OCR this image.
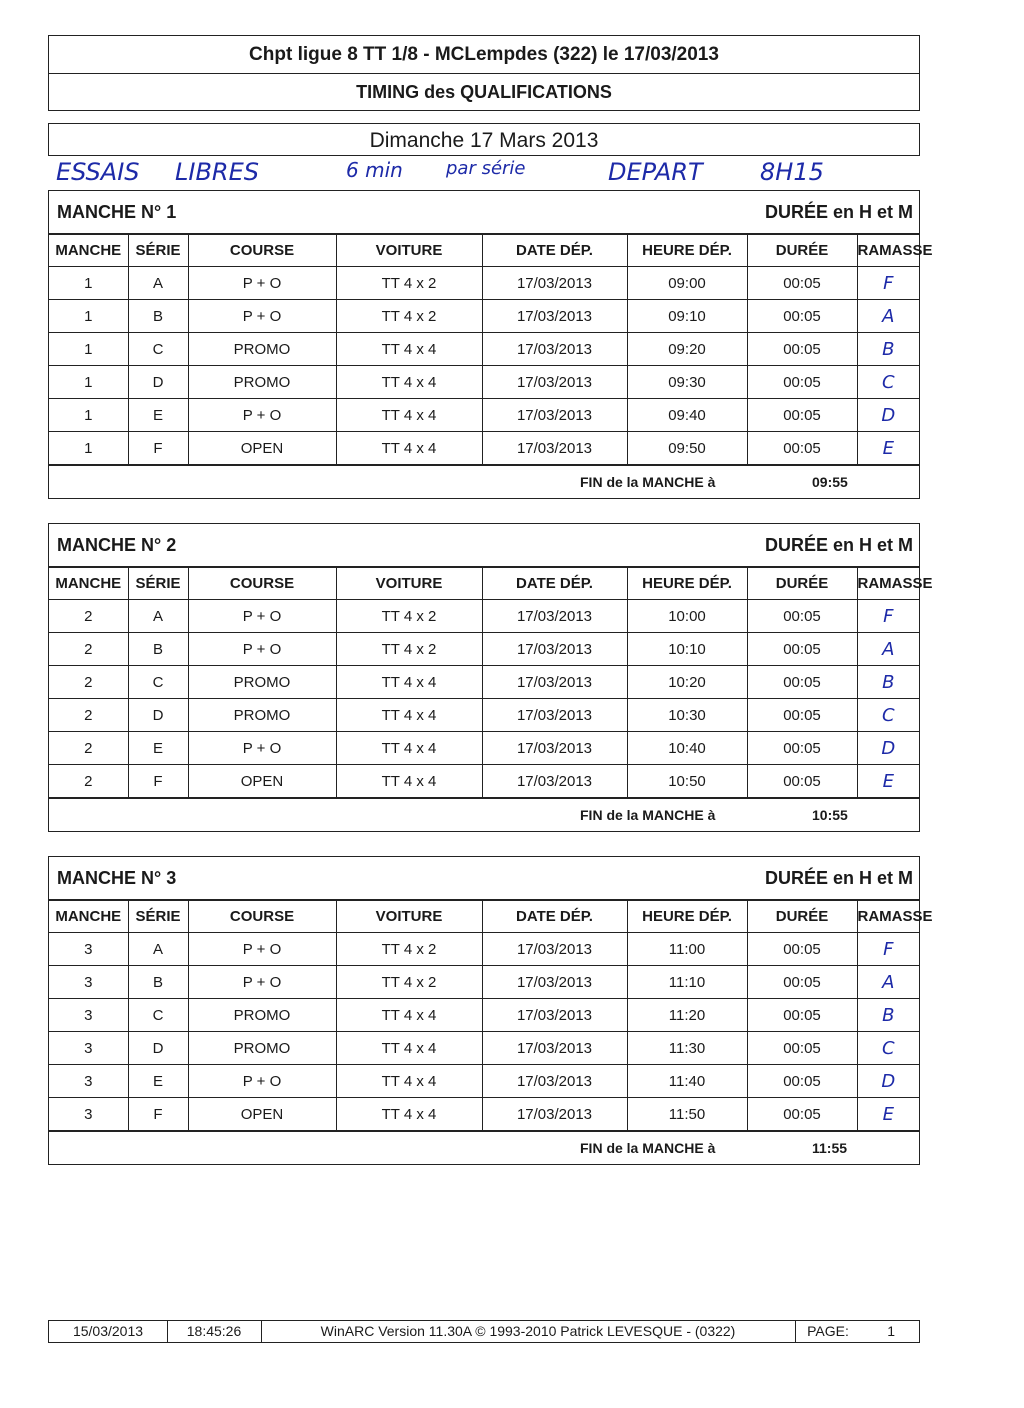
Chpt ligue 8 TT 1/8 - MCLempdes (322) le 17/03/2013
TIMING des QUALIFICATIONS
Dimanche 17 Mars 2013
ESSAIS LIBRES	6 min par série	DEPART 8H15
MANCHE N° 1	DURÉE en H et M
MANCHE	SÉRIE	COURSE	VOITURE	DATE DÉP.	HEURE DÉP.	DURÉE	RAMASSE
1	A	P + O	TT 4 x 2	17/03/2013	09:00	00:05	F
1	B	P + O	TT 4 x 2	17/03/2013	09:10	00:05	A
1	C	PROMO	TT 4 x 4	17/03/2013	09:20	00:05	B
1	D	PROMO	TT 4 x 4	17/03/2013	09:30	00:05	C
1	E	P + O	TT 4 x 4	17/03/2013	09:40	00:05	D
1	F	OPEN	TT 4 x 4	17/03/2013	09:50	00:05	E
FIN de la MANCHE à	09:55
MANCHE N° 2	DURÉE en H et M
MANCHE	SÉRIE	COURSE	VOITURE	DATE DÉP.	HEURE DÉP.	DURÉE	RAMASSE
2	A	P + O	TT 4 x 2	17/03/2013	10:00	00:05	F
2	B	P + O	TT 4 x 2	17/03/2013	10:10	00:05	A
2	C	PROMO	TT 4 x 4	17/03/2013	10:20	00:05	B
2	D	PROMO	TT 4 x 4	17/03/2013	10:30	00:05	C
2	E	P + O	TT 4 x 4	17/03/2013	10:40	00:05	D
2	F	OPEN	TT 4 x 4	17/03/2013	10:50	00:05	E
FIN de la MANCHE à	10:55
MANCHE N° 3	DURÉE en H et M
MANCHE	SÉRIE	COURSE	VOITURE	DATE DÉP.	HEURE DÉP.	DURÉE	RAMASSE
3	A	P + O	TT 4 x 2	17/03/2013	11:00	00:05	F
3	B	P + O	TT 4 x 2	17/03/2013	11:10	00:05	A
3	C	PROMO	TT 4 x 4	17/03/2013	11:20	00:05	B
3	D	PROMO	TT 4 x 4	17/03/2013	11:30	00:05	C
3	E	P + O	TT 4 x 4	17/03/2013	11:40	00:05	D
3	F	OPEN	TT 4 x 4	17/03/2013	11:50	00:05	E
FIN de la MANCHE à	11:55
15/03/2013	18:45:26	WinARC Version 11.30A © 1993-2010 Patrick LEVESQUE - (0322)	PAGE:	1
